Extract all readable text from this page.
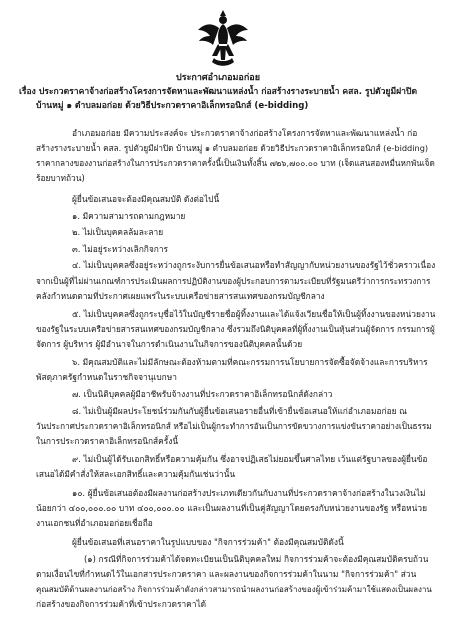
ประกาศอำเภอมอก่อย
เรื่อง ประกวดราคาจ้างก่อสร้างโครงการจัดหาและพัฒนาแหล่งน้ำ ก่อสร้างรางระบายน้ำ คสล. รูปตัวยูมีฝาปิด
บ้านหมู่ ๑ ตำบลมอก่อย ด้วยวิธีประกวดราคาอิเล็กทรอนิกส์ (e-bidding)
อำเภอมอก่อย มีความประสงค์จะ ประกวดราคาจ้างก่อสร้างโครงการจัดหาและพัฒนาแหล่งน้ำ ก่อ
สร้างรางระบายน้ำ คสล. รูปตัวยูมีฝาปิด บ้านหมู่ ๑ ตำบลมอก่อย ด้วยวิธีประกวดราคาอิเล็กทรอนิกส์ (e-bidding)
ราคากลางของงานก่อสร้างในการประกวดราคาครั้งนี้เป็นเงินทั้งสิ้น ๗๒๖,๗๐๐.๐๐ บาท (เจ็ดแสนสองหมื่นหกพันเจ็ด
ร้อยบาทถ้วน)
ผู้ยื่นข้อเสนอจะต้องมีคุณสมบัติ ดังต่อไปนี้
๑. มีความสามารถตามกฎหมาย
๒. ไม่เป็นบุคคลล้มละลาย
๓. ไม่อยู่ระหว่างเลิกกิจการ
๔. ไม่เป็นบุคคลซึ่งอยู่ระหว่างถูกระงับการยื่นข้อเสนอหรือทำสัญญากับหน่วยงานของรัฐไว้ชั่วคราวเนื่อง
จากเป็นผู้ที่ไม่ผ่านเกณฑ์การประเมินผลการปฏิบัติงานของผู้ประกอบการตามระเบียบที่รัฐมนตรีว่าการกระทรวงการ
คลังกำหนดตามที่ประกาศเผยแพร่ในระบบเครือข่ายสารสนเทศของกรมบัญชีกลาง
๕. ไม่เป็นบุคคลซึ่งถูกระบุชื่อไว้ในบัญชีรายชื่อผู้ทิ้งงานและได้แจ้งเวียนชื่อให้เป็นผู้ทิ้งงานของหน่วยงาน
ของรัฐในระบบเครือข่ายสารสนเทศของกรมบัญชีกลาง ซึ่งรวมถึงนิติบุคคลที่ผู้ทิ้งงานเป็นหุ้นส่วนผู้จัดการ กรรมการผู้
จัดการ ผู้บริหาร ผู้มีอำนาจในการดำเนินงานในกิจการของนิติบุคคลนั้นด้วย
๖. มีคุณสมบัติและไม่มีลักษณะต้องห้ามตามที่คณะกรรมการนโยบายการจัดซื้อจัดจ้างและการบริหาร
พัสดุภาครัฐกำหนดในราชกิจจานุเบกษา
๗. เป็นนิติบุคคลผู้มีอาชีพรับจ้างงานที่ประกวดราคาอิเล็กทรอนิกส์ดังกล่าว
๘. ไม่เป็นผู้มีผลประโยชน์ร่วมกันกับผู้ยื่นข้อเสนอรายอื่นที่เข้ายื่นข้อเสนอให้แก่อำเภอมอก่อย ณ
วันประกาศประกวดราคาอิเล็กทรอนิกส์ หรือไม่เป็นผู้กระทำการอันเป็นการขัดขวางการแข่งขันราคาอย่างเป็นธรรม
ในการประกวดราคาอิเล็กทรอนิกส์ครั้งนี้
๙. ไม่เป็นผู้ได้รับเอกสิทธิ์หรือความคุ้มกัน ซึ่งอาจปฏิเสธไม่ยอมขึ้นศาลไทย เว้นแต่รัฐบาลของผู้ยื่นข้อ
เสนอได้มีคำสั่งให้สละเอกสิทธิ์และความคุ้มกันเช่นว่านั้น
๑๐. ผู้ยื่นข้อเสนอต้องมีผลงานก่อสร้างประเภทเดียวกันกับงานที่ประกวดราคาจ้างก่อสร้างในวงเงินไม่
น้อยกว่า ๔๐๐,๐๐๐.๐๐ บาท ๔๐๐,๐๐๐.๐๐ และเป็นผลงานที่เป็นคู่สัญญาโดยตรงกับหน่วยงานของรัฐ หรือหน่วย
งานเอกชนที่อำเภอมอก่อยเชื่อถือ
ผู้ยื่นข้อเสนอที่เสนอราคาในรูปแบบของ "กิจการร่วมค้า" ต้องมีคุณสมบัติดังนี้
(๑) กรณีที่กิจการร่วมค้าได้จดทะเบียนเป็นนิติบุคคลใหม่ กิจการร่วมค้าจะต้องมีคุณสมบัติครบถ้วน
ตามเงื่อนไขที่กำหนดไว้ในเอกสารประกวดราคา และผลงานของกิจการร่วมค้าในนาม "กิจการร่วมค้า" ส่วน
คุณสมบัติด้านผลงานก่อสร้าง กิจการร่วมค้าดังกล่าวสามารถนำผลงานก่อสร้างของผู้เข้าร่วมค้ามาใช้แสดงเป็นผลงาน
ก่อสร้างของกิจการร่วมค้าที่เข้าประกวดราคาได้
